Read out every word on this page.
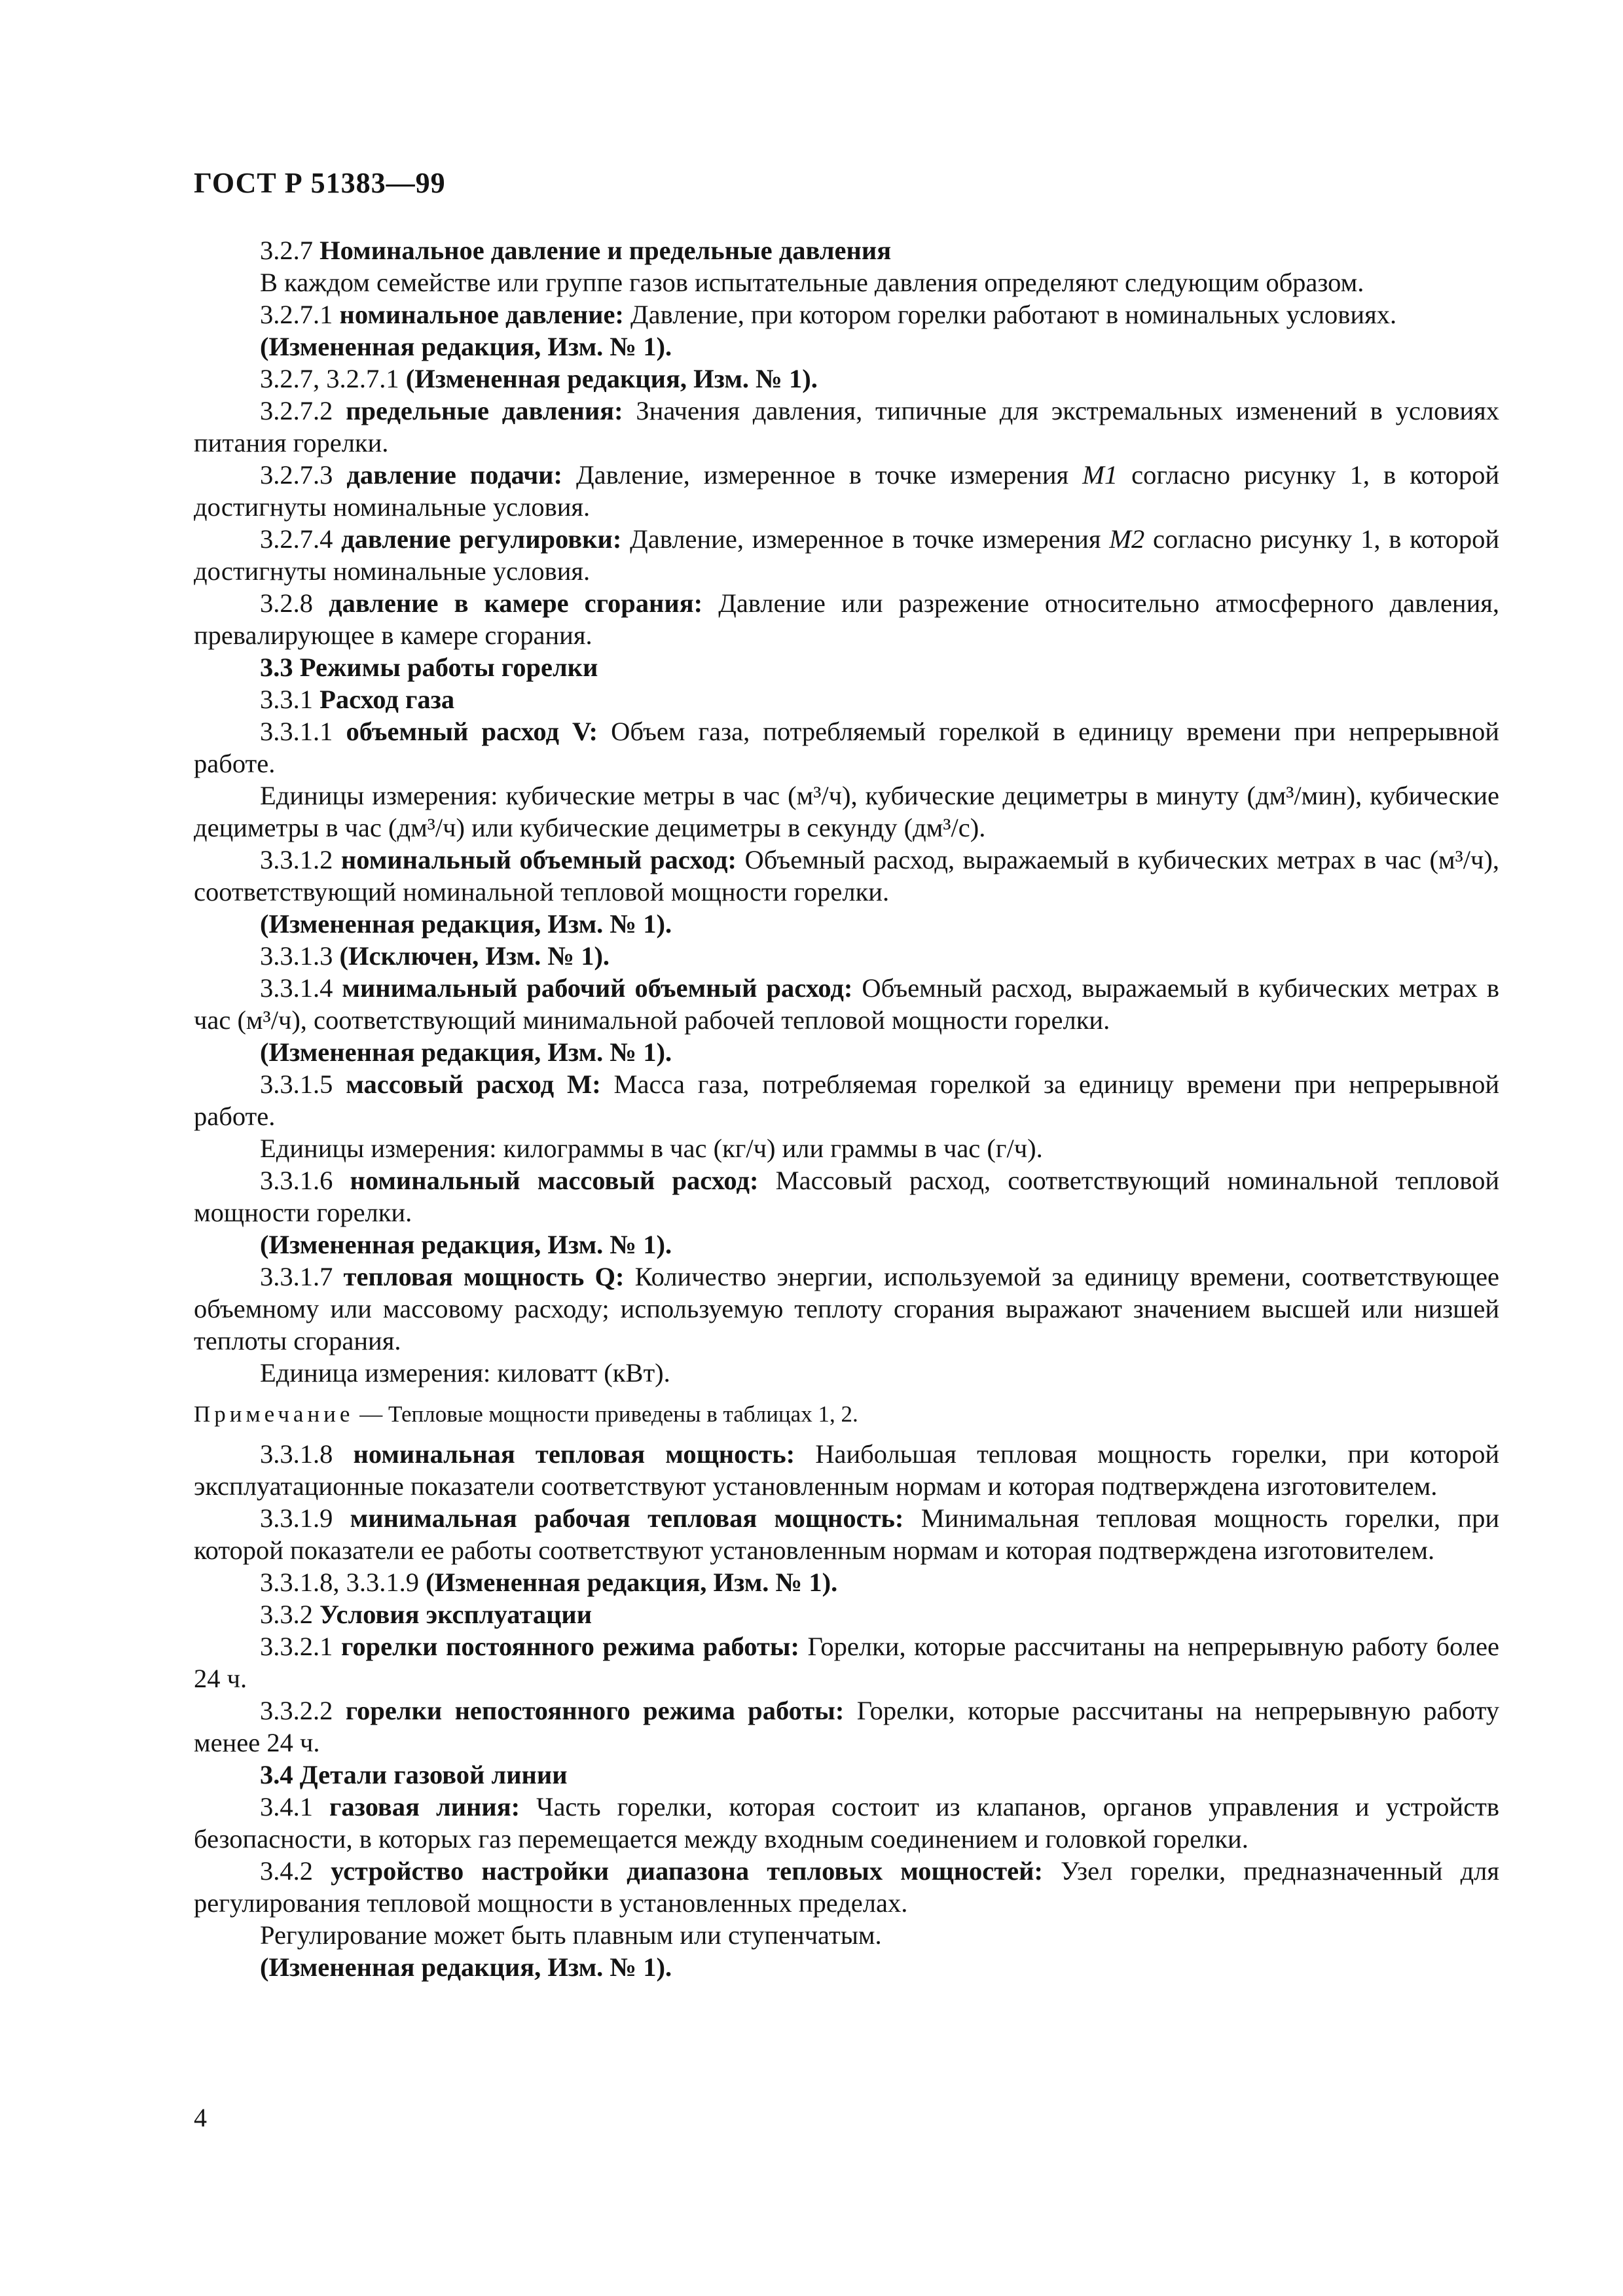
ГОСТ Р 51383—99
3.2.7 Номинальное давление и предельные давления
В каждом семействе или группе газов испытательные давления определяют следующим образом.
3.2.7.1 номинальное давление: Давление, при котором горелки работают в номинальных условиях.
(Измененная редакция, Изм. № 1).
3.2.7, 3.2.7.1 (Измененная редакция, Изм. № 1).
3.2.7.2 предельные давления: Значения давления, типичные для экстремальных изменений в условиях питания горелки.
3.2.7.3 давление подачи: Давление, измеренное в точке измерения M1 согласно рисунку 1, в которой достигнуты номинальные условия.
3.2.7.4 давление регулировки: Давление, измеренное в точке измерения M2 согласно рисунку 1, в которой достигнуты номинальные условия.
3.2.8 давление в камере сгорания: Давление или разрежение относительно атмосферного давления, превалирующее в камере сгорания.
3.3 Режимы работы горелки
3.3.1 Расход газа
3.3.1.1 объемный расход V: Объем газа, потребляемый горелкой в единицу времени при непрерывной работе.
Единицы измерения: кубические метры в час (м³/ч), кубические дециметры в минуту (дм³/мин), кубические дециметры в час (дм³/ч) или кубические дециметры в секунду (дм³/с).
3.3.1.2 номинальный объемный расход: Объемный расход, выражаемый в кубических метрах в час (м³/ч), соответствующий номинальной тепловой мощности горелки.
(Измененная редакция, Изм. № 1).
3.3.1.3 (Исключен, Изм. № 1).
3.3.1.4 минимальный рабочий объемный расход: Объемный расход, выражаемый в кубических метрах в час (м³/ч), соответствующий минимальной рабочей тепловой мощности горелки.
(Измененная редакция, Изм. № 1).
3.3.1.5 массовый расход M: Масса газа, потребляемая горелкой за единицу времени при непрерывной работе.
Единицы измерения: килограммы в час (кг/ч) или граммы в час (г/ч).
3.3.1.6 номинальный массовый расход: Массовый расход, соответствующий номинальной тепловой мощности горелки.
(Измененная редакция, Изм. № 1).
3.3.1.7 тепловая мощность Q: Количество энергии, используемой за единицу времени, соответствующее объемному или массовому расходу; используемую теплоту сгорания выражают значением высшей или низшей теплоты сгорания.
Единица измерения: киловатт (кВт).
Примечание — Тепловые мощности приведены в таблицах 1, 2.
3.3.1.8 номинальная тепловая мощность: Наибольшая тепловая мощность горелки, при которой эксплуатационные показатели соответствуют установленным нормам и которая подтверждена изготовителем.
3.3.1.9 минимальная рабочая тепловая мощность: Минимальная тепловая мощность горелки, при которой показатели ее работы соответствуют установленным нормам и которая подтверждена изготовителем.
3.3.1.8, 3.3.1.9 (Измененная редакция, Изм. № 1).
3.3.2 Условия эксплуатации
3.3.2.1 горелки постоянного режима работы: Горелки, которые рассчитаны на непрерывную работу более 24 ч.
3.3.2.2 горелки непостоянного режима работы: Горелки, которые рассчитаны на непрерывную работу менее 24 ч.
3.4 Детали газовой линии
3.4.1 газовая линия: Часть горелки, которая состоит из клапанов, органов управления и устройств безопасности, в которых газ перемещается между входным соединением и головкой горелки.
3.4.2 устройство настройки диапазона тепловых мощностей: Узел горелки, предназначенный для регулирования тепловой мощности в установленных пределах.
Регулирование может быть плавным или ступенчатым.
(Измененная редакция, Изм. № 1).
4
